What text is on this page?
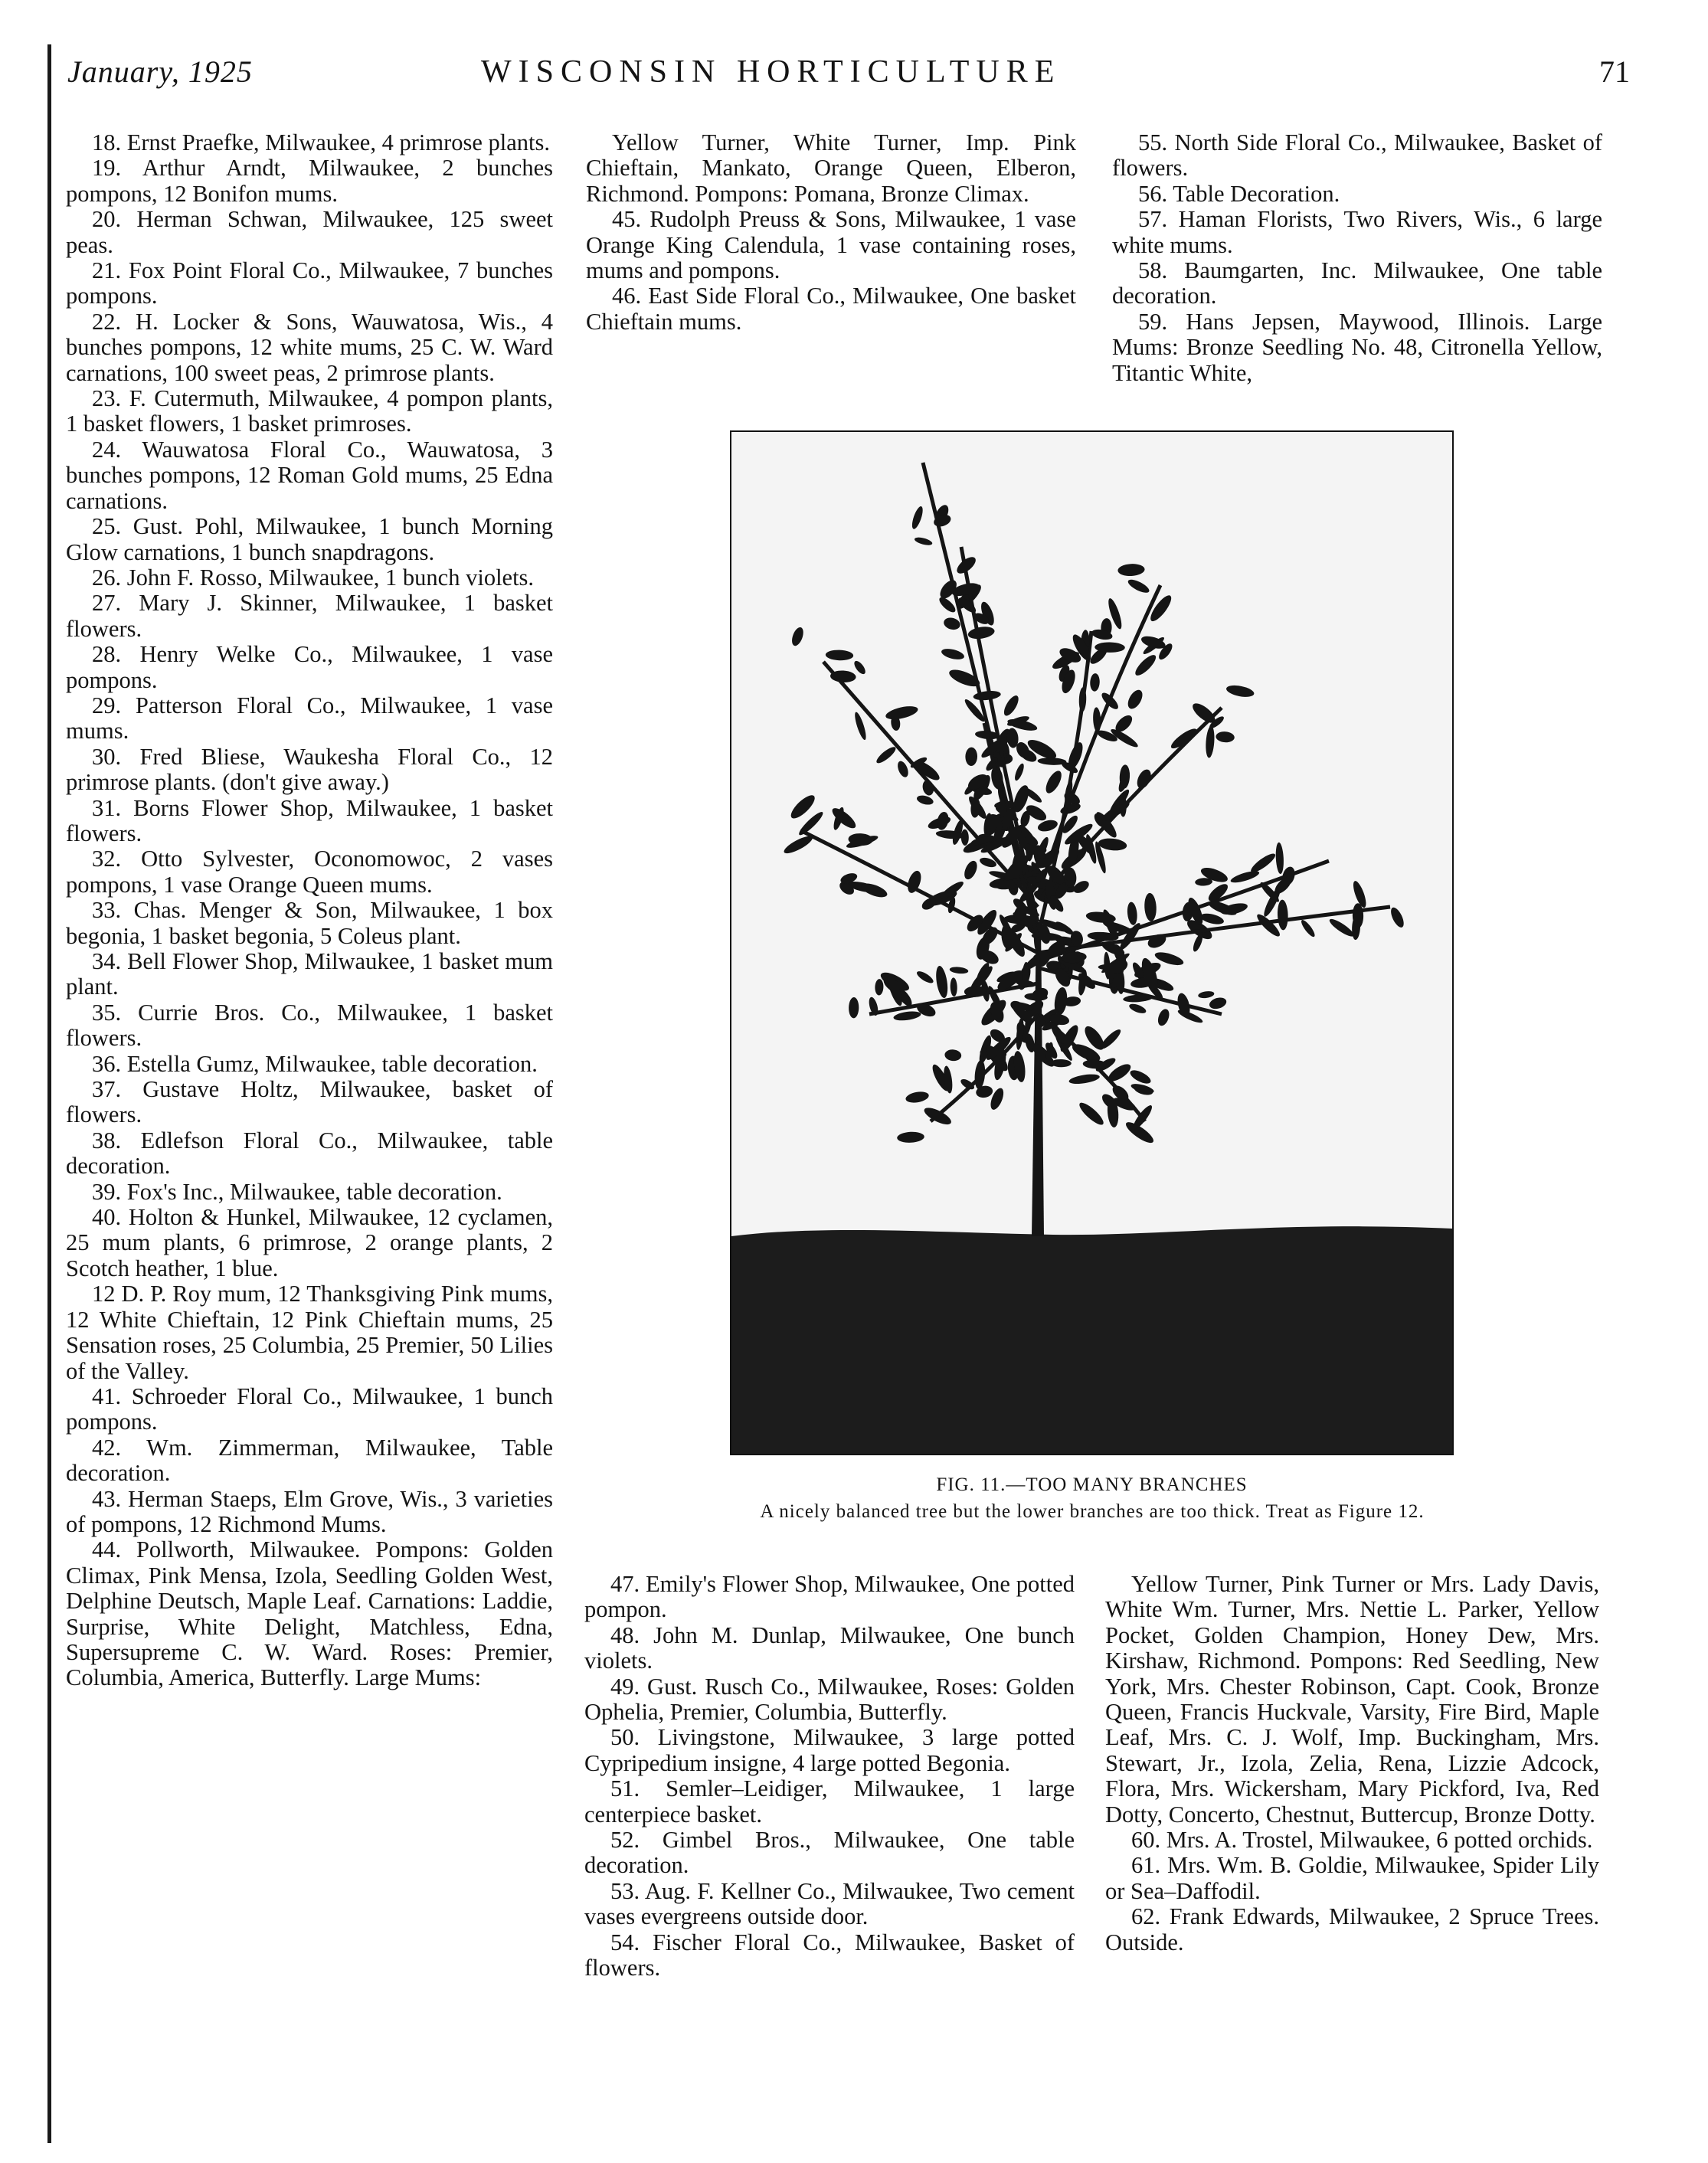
January, 1925	WISCONSIN HORTICULTURE	71

18. Ernst Praefke, Milwaukee, 4 primrose plants.

19. Arthur Arndt, Milwaukee, 2 bunches pompons, 12 Bonifon mums.

20. Herman Schwan, Milwaukee, 125 sweet peas.

21. Fox Point Floral Co., Milwaukee, 7 bunches pompons.

22. H. Locker & Sons, Wauwatosa, Wis., 4 bunches pompons, 12 white mums, 25 C. W. Ward carnations, 100 sweet peas, 2 primrose plants.

23. F. Cutermuth, Milwaukee, 4 pompon plants, 1 basket flowers, 1 basket primroses.

24. Wauwatosa Floral Co., Wauwatosa, 3 bunches pompons, 12 Roman Gold mums, 25 Edna carnations.

25. Gust. Pohl, Milwaukee, 1 bunch Morning Glow carnations, 1 bunch snapdragons.

26. John F. Rosso, Milwaukee, 1 bunch violets.

27. Mary J. Skinner, Milwaukee, 1 basket flowers.

28. Henry Welke Co., Milwaukee, 1 vase pompons.

29. Patterson Floral Co., Milwaukee, 1 vase mums.

30. Fred Bliese, Waukesha Floral Co., 12 primrose plants. (don't give away.)

31. Borns Flower Shop, Milwaukee, 1 basket flowers.

32. Otto Sylvester, Oconomowoc, 2 vases pompons, 1 vase Orange Queen mums.

33. Chas. Menger & Son, Milwaukee, 1 box begonia, 1 basket begonia, 5 Coleus plant.

34. Bell Flower Shop, Milwaukee, 1 basket mum plant.

35. Currie Bros. Co., Milwaukee, 1 basket flowers.

36. Estella Gumz, Milwaukee, table decoration.

37. Gustave Holtz, Milwaukee, basket of flowers.

38. Edlefson Floral Co., Milwaukee, table decoration.

39. Fox's Inc., Milwaukee, table decoration.

40. Holton & Hunkel, Milwaukee, 12 cyclamen, 25 mum plants, 6 primrose, 2 orange plants, 2 Scotch heather, 1 blue.

12 D. P. Roy mum, 12 Thanksgiving Pink mums, 12 White Chieftain, 12 Pink Chieftain mums, 25 Sensation roses, 25 Columbia, 25 Premier, 50 Lilies of the Valley.

41. Schroeder Floral Co., Milwaukee, 1 bunch pompons.

42. Wm. Zimmerman, Milwaukee, Table decoration.

43. Herman Staeps, Elm Grove, Wis., 3 varieties of pompons, 12 Richmond Mums.

44. Pollworth, Milwaukee. Pompons: Golden Climax, Pink Mensa, Izola, Seedling Golden West, Delphine Deutsch, Maple Leaf. Carnations: Laddie, Surprise, White Delight, Matchless, Edna, Supersupreme C. W. Ward. Roses: Premier, Columbia, America, Butterfly. Large Mums:

Yellow Turner, White Turner, Imp. Pink Chieftain, Mankato, Orange Queen, Elberon, Richmond. Pompons: Pomana, Bronze Climax.

45. Rudolph Preuss & Sons, Milwaukee, 1 vase Orange King Calendula, 1 vase containing roses, mums and pompons.

46. East Side Floral Co., Milwaukee, One basket Chieftain mums.

55. North Side Floral Co., Milwaukee, Basket of flowers.

56. Table Decoration.

57. Haman Florists, Two Rivers, Wis., 6 large white mums.

58. Baumgarten, Inc. Milwaukee, One table decoration.

59. Hans Jepsen, Maywood, Illinois. Large Mums: Bronze Seedling No. 48, Citronella Yellow, Titantic White,

FIG. 11.—TOO MANY BRANCHES
A nicely balanced tree but the lower branches are too thick. Treat as Figure 12.

47. Emily's Flower Shop, Milwaukee, One potted pompon.

48. John M. Dunlap, Milwaukee, One bunch violets.

49. Gust. Rusch Co., Milwaukee, Roses: Golden Ophelia, Premier, Columbia, Butterfly.

50. Livingstone, Milwaukee, 3 large potted Cypripedium insigne, 4 large potted Begonia.

51. Semler–Leidiger, Milwaukee, 1 large centerpiece basket.

52. Gimbel Bros., Milwaukee, One table decoration.

53. Aug. F. Kellner Co., Milwaukee, Two cement vases evergreens outside door.

54. Fischer Floral Co., Milwaukee, Basket of flowers.

Yellow Turner, Pink Turner or Mrs. Lady Davis, White Wm. Turner, Mrs. Nettie L. Parker, Yellow Pocket, Golden Champion, Honey Dew, Mrs. Kirshaw, Richmond. Pompons: Red Seedling, New York, Mrs. Chester Robinson, Capt. Cook, Bronze Queen, Francis Huckvale, Varsity, Fire Bird, Maple Leaf, Mrs. C. J. Wolf, Imp. Buckingham, Mrs. Stewart, Jr., Izola, Zelia, Rena, Lizzie Adcock, Flora, Mrs. Wickersham, Mary Pickford, Iva, Red Dotty, Concerto, Chestnut, Buttercup, Bronze Dotty.

60. Mrs. A. Trostel, Milwaukee, 6 potted orchids.

61. Mrs. Wm. B. Goldie, Milwaukee, Spider Lily or Sea–Daffodil.

62. Frank Edwards, Milwaukee, 2 Spruce Trees. Outside.
